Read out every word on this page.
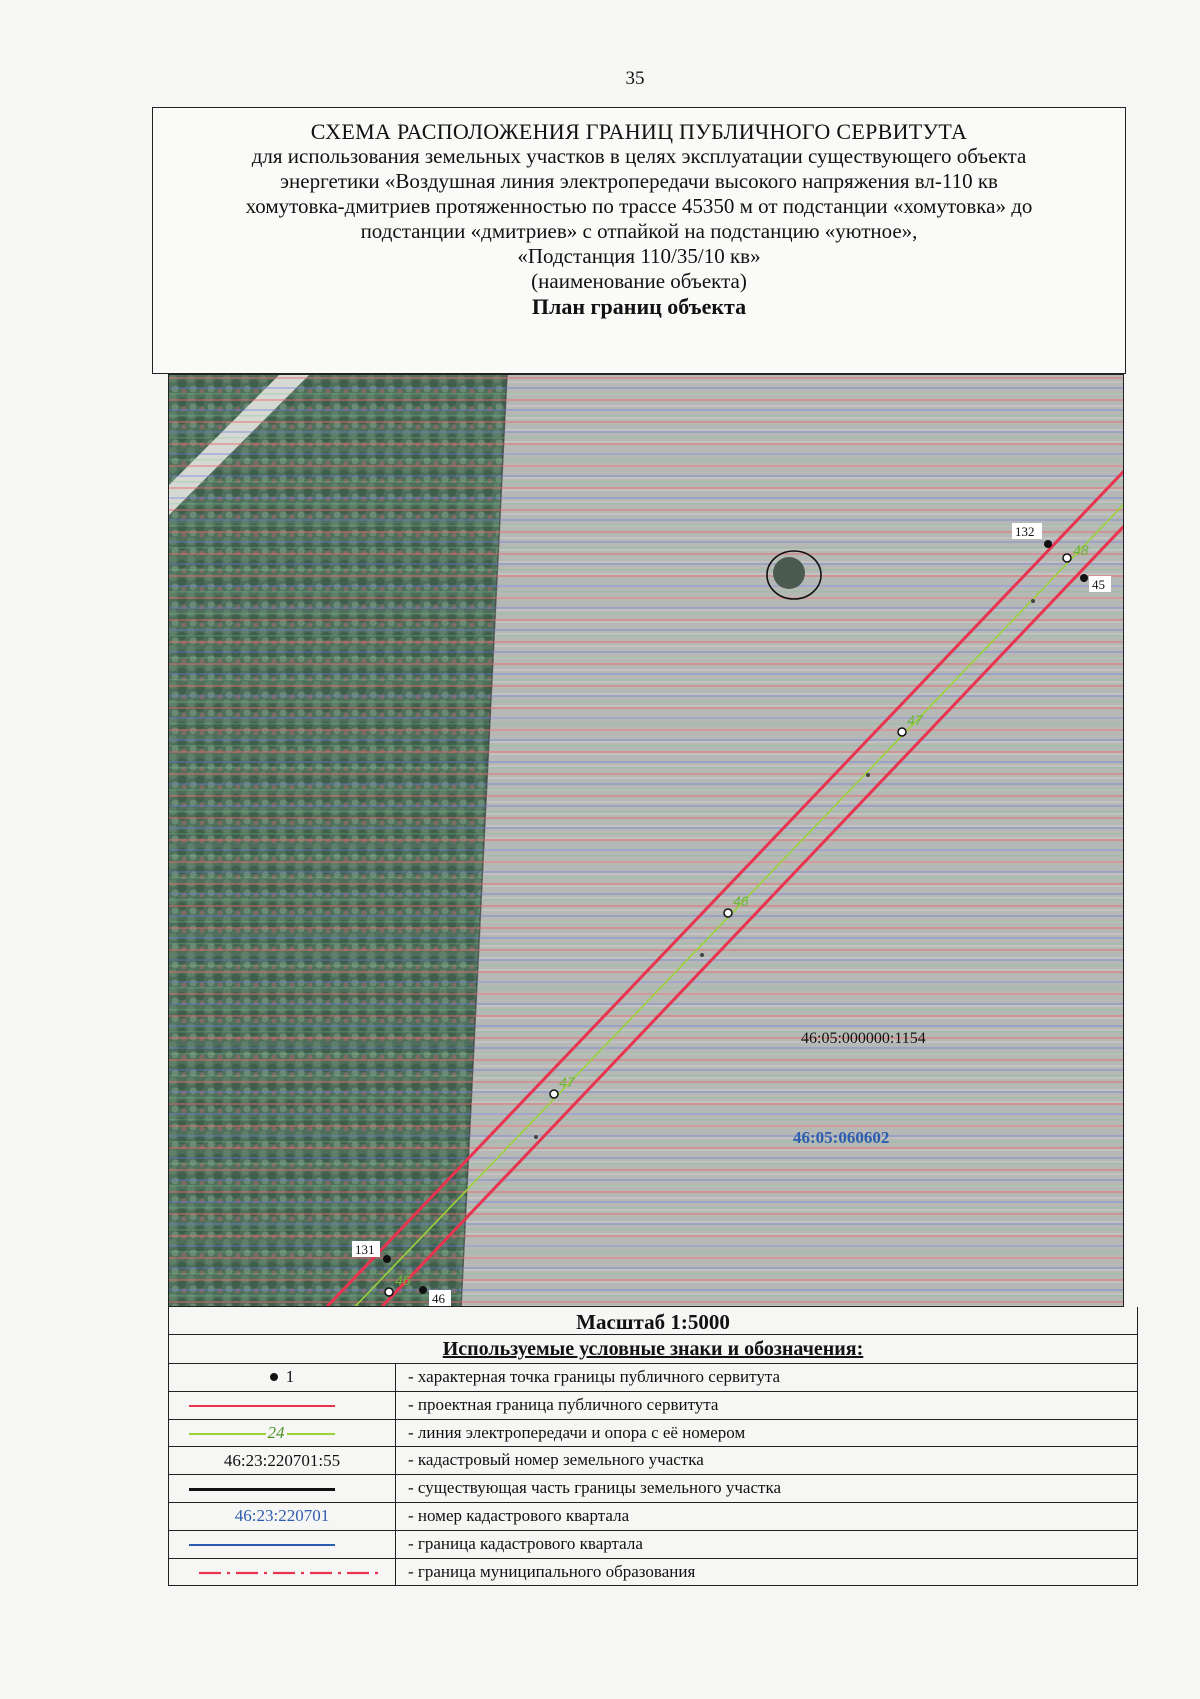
35
СХЕМА РАСПОЛОЖЕНИЯ ГРАНИЦ ПУБЛИЧНОГО СЕРВИТУТА
для использования земельных участков в целях эксплуатации существующего объекта
энергетики «Воздушная линия электропередачи высокого напряжения вл-110 кв
хомутовка-дмитриев протяженностью по трассе 45350 м от подстанции «хомутовка» до
подстанции «дмитриев» с отпайкой на подстанцию «уютное»,
«Подстанция 110/35/10 кв»
(наименование объекта)
План границ объекта
48
47
46
47
46
132
45
131
46
46:05:000000:1154
46:05:060602
Масштаб 1:5000
Используемые условные знаки и обозначения:
1	- характерная точка границы публичного сервитута
- проектная граница публичного сервитута
24	- линия электропередачи и опора с её номером
46:23:220701:55	- кадастровый номер земельного участка
- существующая часть границы земельного участка
46:23:220701	- номер кадастрового квартала
- граница кадастрового квартала
- граница муниципального образования
